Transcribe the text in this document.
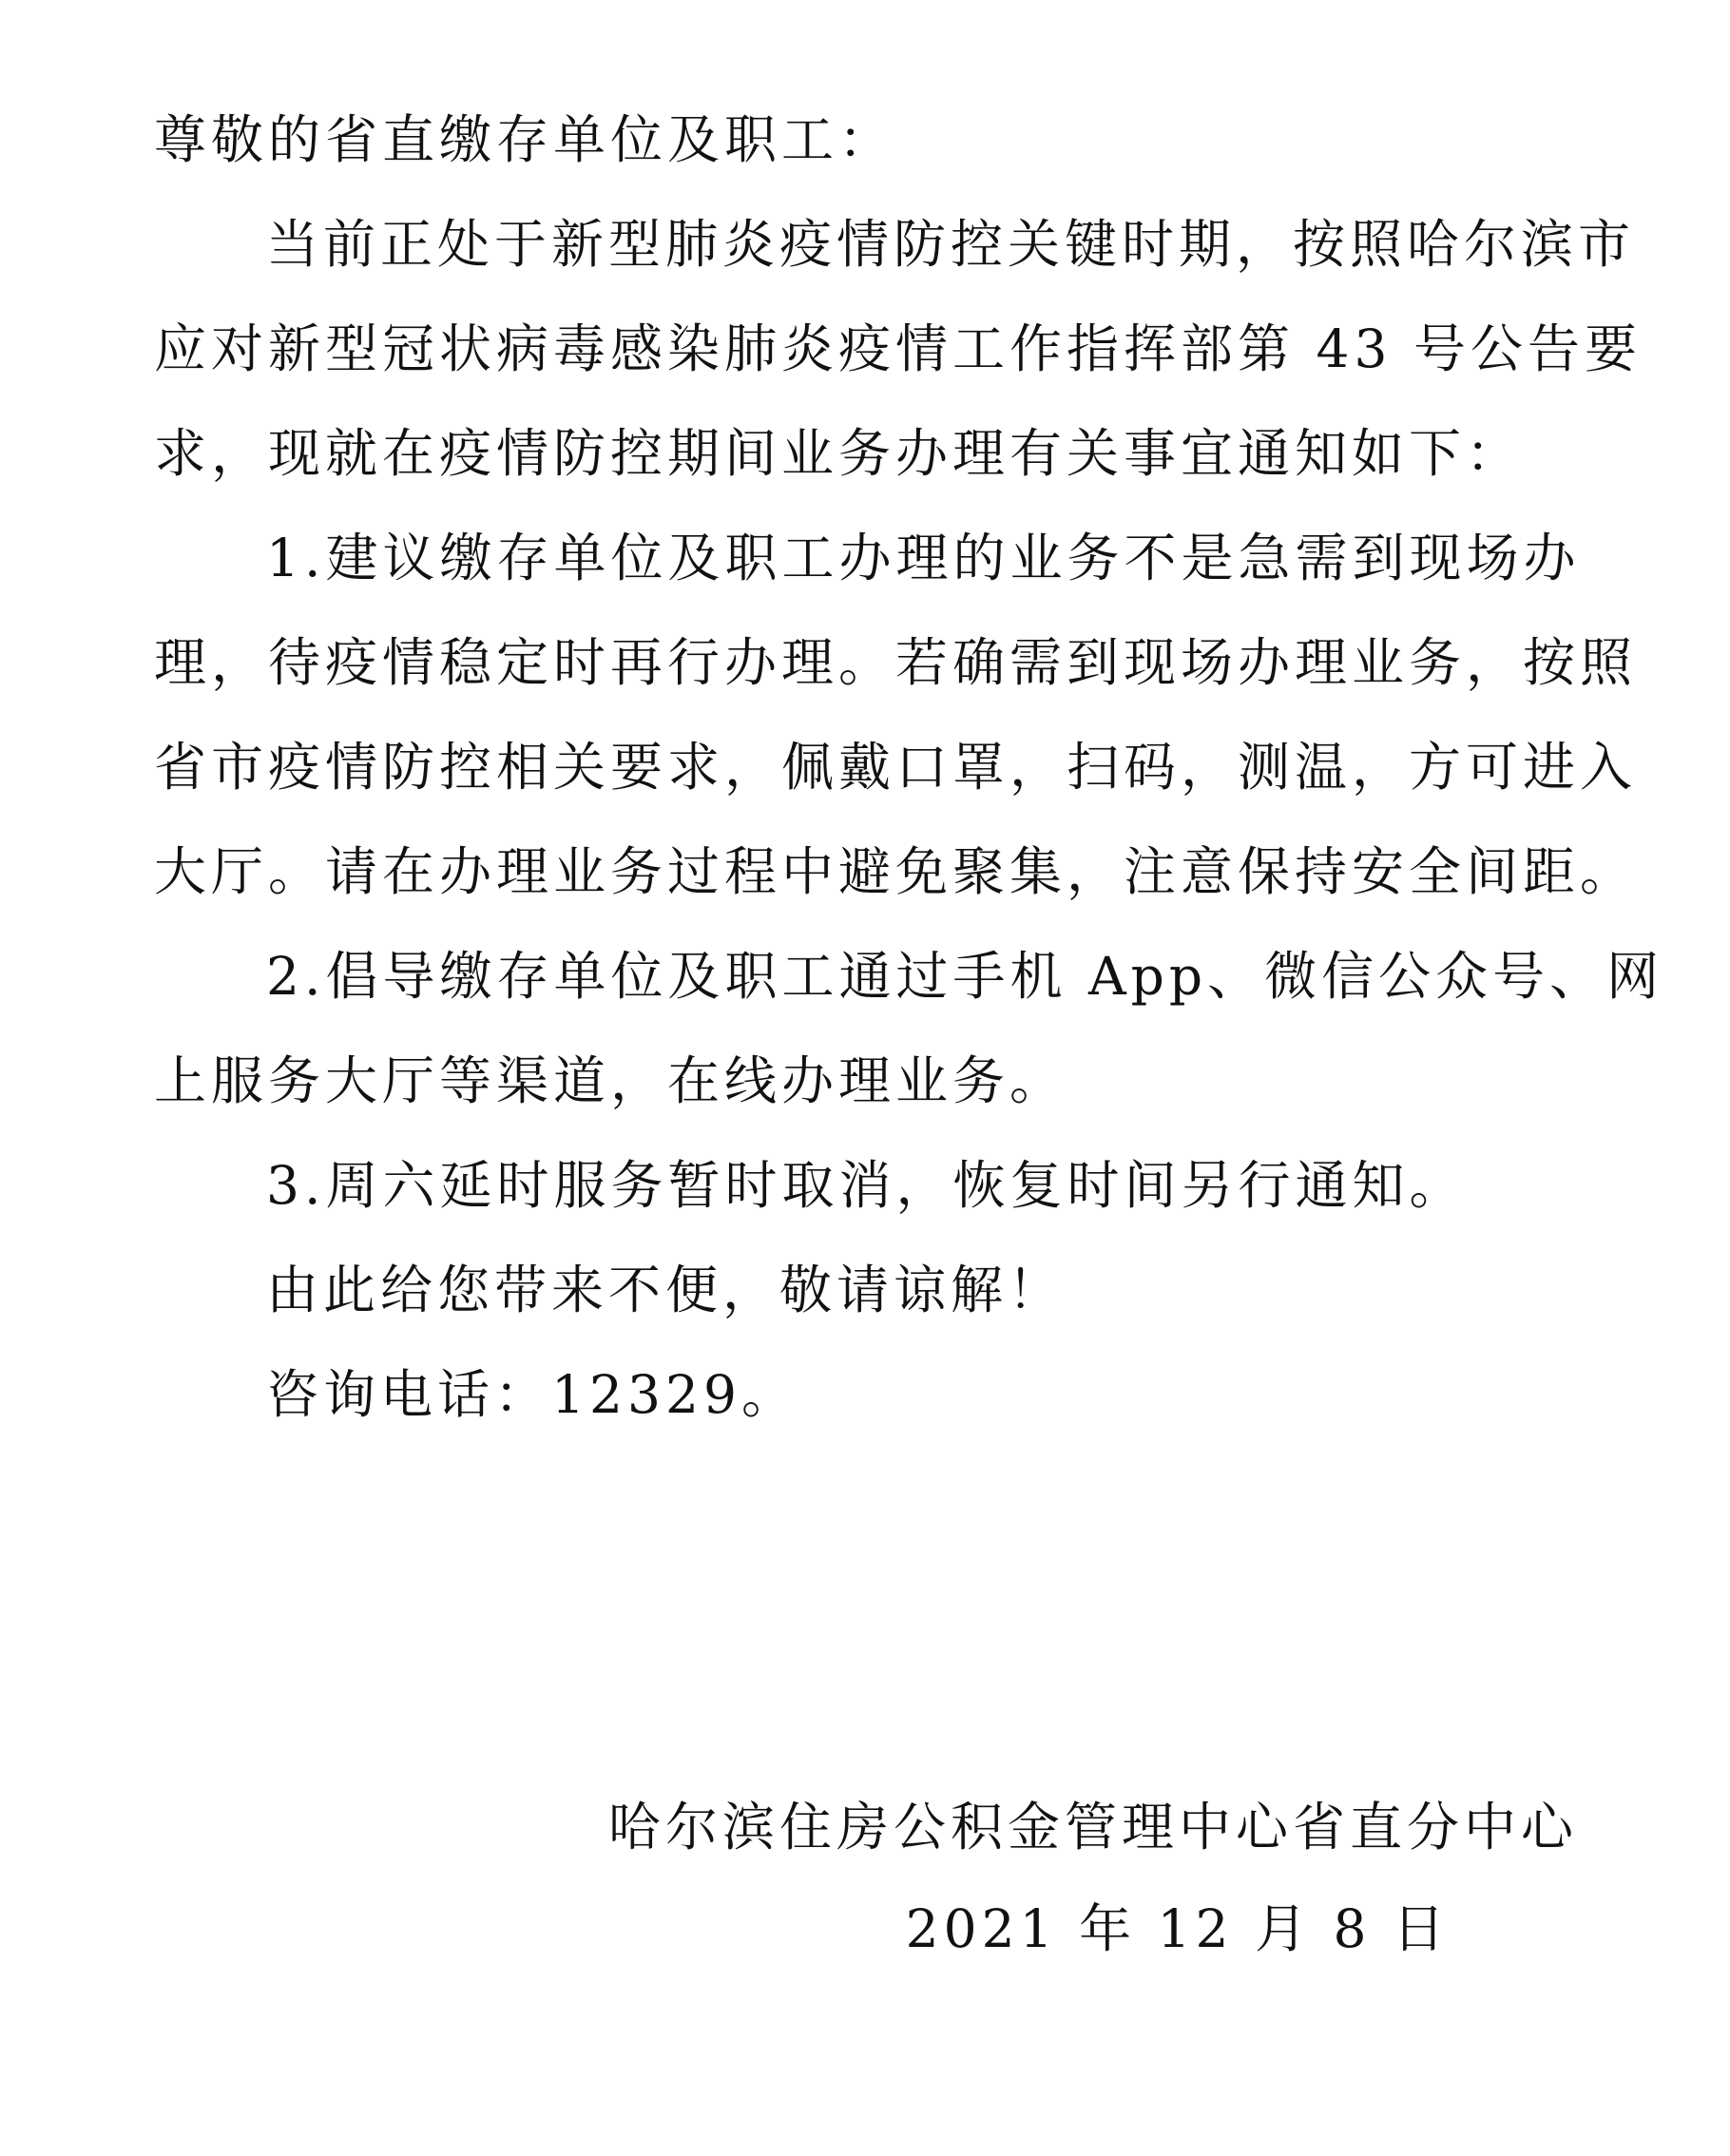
尊敬的省直缴存单位及职工：
当前正处于新型肺炎疫情防控关键时期，按照哈尔滨市
应对新型冠状病毒感染肺炎疫情工作指挥部第 43 号公告要
求，现就在疫情防控期间业务办理有关事宜通知如下：
1.建议缴存单位及职工办理的业务不是急需到现场办
理，待疫情稳定时再行办理。若确需到现场办理业务，按照
省市疫情防控相关要求，佩戴口罩，扫码，测温，方可进入
大厅。请在办理业务过程中避免聚集，注意保持安全间距。
2.倡导缴存单位及职工通过手机 App、微信公众号、网
上服务大厅等渠道，在线办理业务。
3.周六延时服务暂时取消，恢复时间另行通知。
由此给您带来不便，敬请谅解！
咨询电话：12329。
哈尔滨住房公积金管理中心省直分中心
2021 年 12 月 8 日
